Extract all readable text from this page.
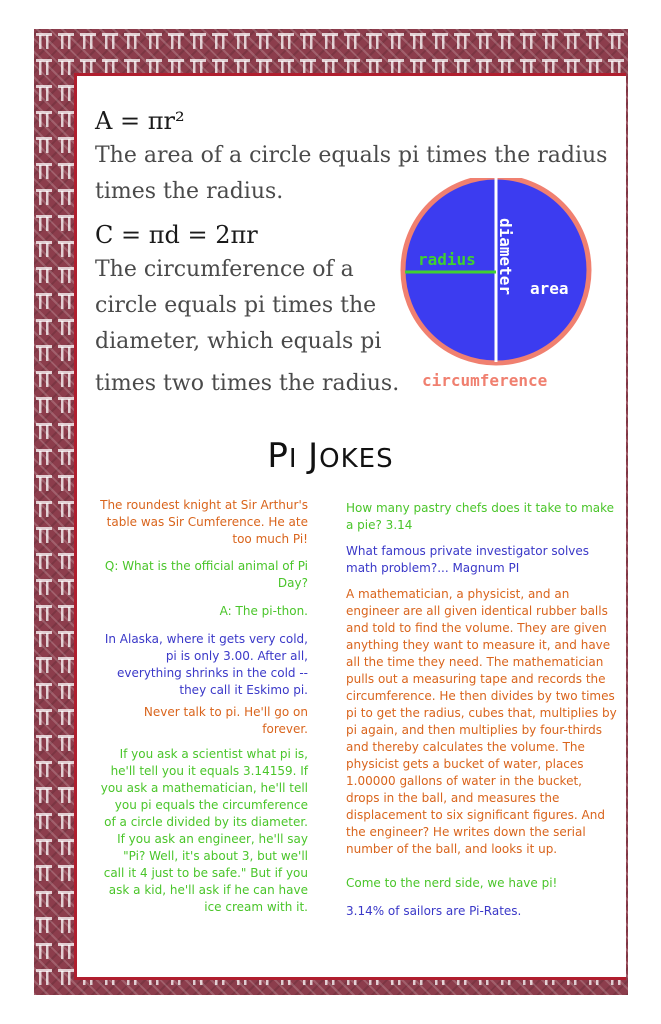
A = πr²
The area of a circle equals pi times the radius
times the radius.
C = πd = 2πr
The circumference of a
circle equals pi times the
diameter, which equals pi
times two times the radius.
radius diameter area
circumference
PI JOKES
The roundest knight at Sir Arthur's table was Sir Cumference. He ate too much Pi!
Q: What is the official animal of Pi Day?
A: The pi-thon.
In Alaska, where it gets very cold, pi is only 3.00. After all, everything shrinks in the cold -- they call it Eskimo pi.
Never talk to pi. He'll go on forever.
If you ask a scientist what pi is, he'll tell you it equals 3.14159. If you ask a mathematician, he'll tell you pi equals the circumference of a circle divided by its diameter. If you ask an engineer, he'll say "Pi? Well, it's about 3, but we'll call it 4 just to be safe." But if you ask a kid, he'll ask if he can have ice cream with it.
How many pastry chefs does it take to make a pie? 3.14
What famous private investigator solves math problem?... Magnum PI
A mathematician, a physicist, and an engineer are all given identical rubber balls and told to find the volume. They are given anything they want to measure it, and have all the time they need. The mathematician pulls out a measuring tape and records the circumference. He then divides by two times pi to get the radius, cubes that, multiplies by pi again, and then multiplies by four-thirds and thereby calculates the volume. The physicist gets a bucket of water, places 1.00000 gallons of water in the bucket, drops in the ball, and measures the displacement to six significant figures. And the engineer? He writes down the serial number of the ball, and looks it up.
Come to the nerd side, we have pi!
3.14% of sailors are Pi-Rates.
